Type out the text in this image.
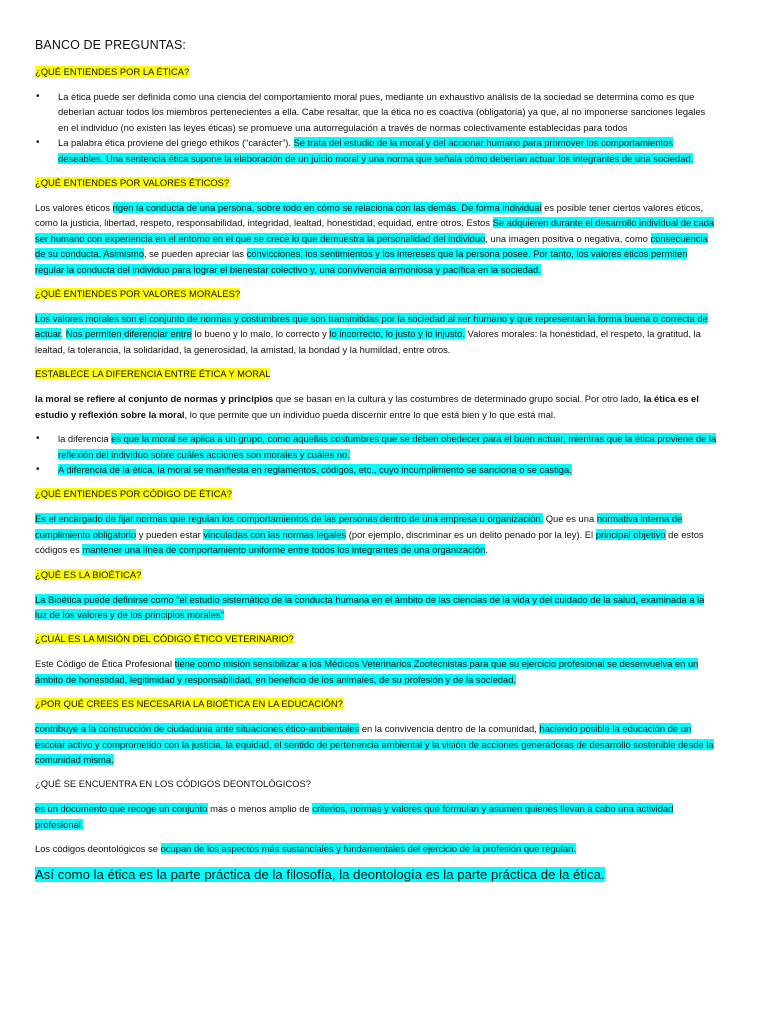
BANCO DE PREGUNTAS:
¿QUÉ ENTIENDES POR LA ÉTICA?
• La ética puede ser definida como una ciencia del comportamiento moral pues, mediante un exhaustivo análisis de la sociedad se determina como es que deberían actuar todos los miembros pertenecientes a ella. Cabe resaltar, que la ética no es coactiva (obligatoria) ya que, al no imponerse sanciones legales en el individuo (no existen las leyes éticas) se promueve una autorregulación a través de normas colectivamente establecidas para todos
• La palabra ética proviene del griego ethikos (“carácter”). Se trata del estudio de la moral y del accionar humano para promover los comportamientos deseables. Una sentencia ética supone la elaboración de un juicio moral y una norma que señala cómo deberían actuar los integrantes de una sociedad.
¿QUÉ ENTIENDES POR VALORES ÉTICOS?
Los valores éticos rigen la conducta de una persona, sobre todo en cómo se relaciona con las demás. De forma individual es posible tener ciertos valores éticos, como la justicia, libertad, respeto, responsabilidad, integridad, lealtad, honestidad, equidad, entre otros. Estos Se adquieren durante el desarrollo individual de cada ser humano con experiencia en el entorno en el que se crece lo que demuestra la personalidad del individuo, una imagen positiva o negativa, como consecuencia de su conducta. Asimismo, se pueden apreciar las convicciones, los sentimientos y los intereses que la persona posee. Por tanto, los valores éticos permiten regular la conducta del individuo para lograr el bienestar colectivo y, una convivencia armoniosa y pacífica en la sociedad.
¿QUÉ ENTIENDES POR VALORES MORALES?
Los valores morales son el conjunto de normas y costumbres que son transmitidas por la sociedad al ser humano y que representan la forma buena o correcta de actuar. Nos permiten diferenciar entre lo bueno y lo malo, lo correcto y lo incorrecto, lo justo y lo injusto. Valores morales: la honestidad, el respeto, la gratitud, la lealtad, la tolerancia, la solidaridad, la generosidad, la amistad, la bondad y la humildad, entre otros.
ESTABLECE LA DIFERENCIA ENTRE ÉTICA Y MORAL
la moral se refiere al conjunto de normas y principios que se basan en la cultura y las costumbres de determinado grupo social. Por otro lado, la ética es el estudio y reflexión sobre la moral, lo que permite que un individuo pueda discernir entre lo que está bien y lo que está mal.
• la diferencia es que la moral se aplica a un grupo, como aquellas costumbres que se deben obedecer para el buen actuar, mientras que la ética proviene de la reflexión del individuo sobre cuáles acciones son morales y cuáles no.
• A diferencia de la ética, la moral se manifiesta en reglamentos, códigos, etc., cuyo incumplimiento se sanciona o se castiga.
¿QUÉ ENTIENDES POR CÓDIGO DE ÉTICA?
Es el encargado de fijar normas que regulan los comportamientos de las personas dentro de una empresa u organización. Que es una normativa interna de cumplimiento obligatorio y pueden estar vinculadas con las normas legales (por ejemplo, discriminar es un delito penado por la ley). El principal objetivo de estos códigos es mantener una línea de comportamiento uniforme entre todos los integrantes de una organización.
¿QUÉ ES LA BIOÉTICA?
La Bioética puede definirse como "el estudio sistemático de la conducta humana en el ámbito de las ciencias de la vida y del cuidado de la salud, examinada a la luz de los valores y de los principios morales"
¿CUÁL ES LA MISIÓN DEL CÓDIGO ÉTICO VETERINARIO?
Este Código de Ética Profesional tiene como misión sensibilizar a los Médicos Veterinarios Zootecnistas para que su ejercicio profesional se desenvuelva en un ámbito de honestidad, legitimidad y responsabilidad, en beneficio de los animales, de su profesión y de la sociedad.
¿POR QUÉ CREES ES NECESARIA LA BIOÉTICA EN LA EDUCACIÓN?
contribuye a la construcción de ciudadanía ante situaciones ético-ambientales en la convivencia dentro de la comunidad, haciendo posible la educación de un escolar activo y comprometido con la justicia, la equidad, el sentido de pertenencia ambiental y la visión de acciones generadoras de desarrollo sostenible desde la comunidad misma.
¿QUÉ SE ENCUENTRA EN LOS CÓDIGOS DEONTOLÓGICOS?
es un documento que recoge un conjunto más o menos amplio de criterios, normas y valores que formulan y asumen quienes llevan a cabo una actividad profesional.
Los códigos deontológicos se ocupan de los aspectos más sustanciales y fundamentales del ejercicio de la profesión que regulan.
Así como la ética es la parte práctica de la filosofía, la deontología es la parte práctica de la ética.
